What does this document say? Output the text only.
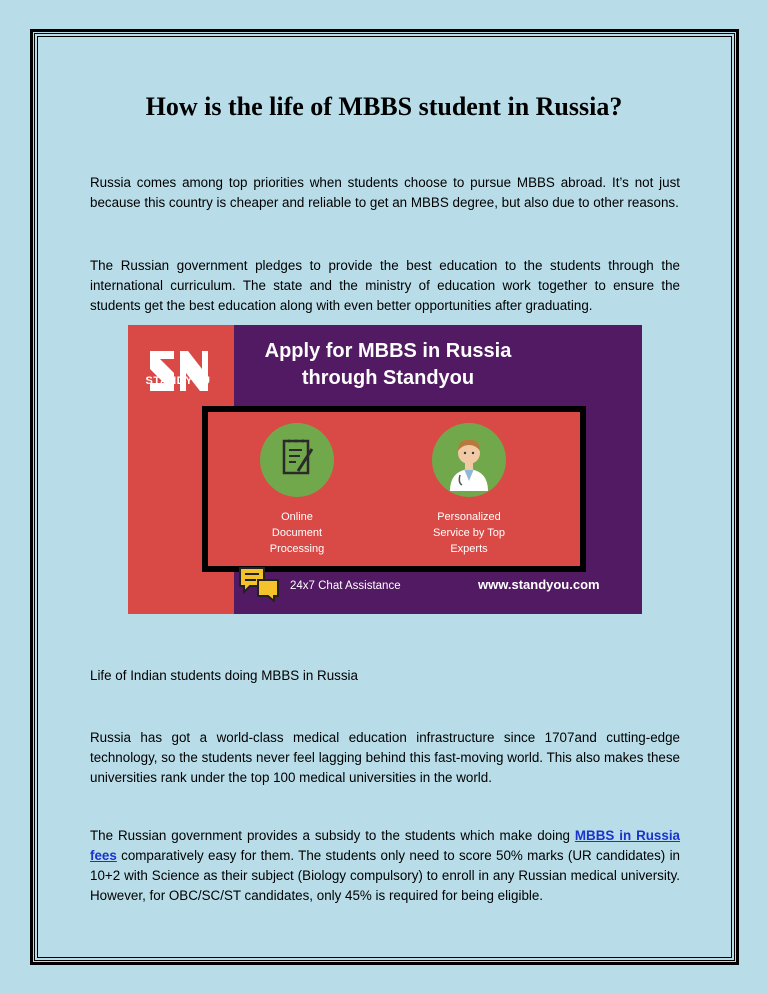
How is the life of MBBS student in Russia?

Russia comes among top priorities when students choose to pursue MBBS abroad. It’s not just because this country is cheaper and reliable to get an MBBS degree, but also due to other reasons.

The Russian government pledges to provide the best education to the students through the international curriculum. The state and the ministry of education work together to ensure the students get the best education along with even better opportunities after graduating.

STANDYOU
Apply for MBBS in Russia
through Standyou
Online
Document
Processing
Personalized
Service by Top
Experts
24x7 Chat Assistance	www.standyou.com

Life of Indian students doing MBBS in Russia

Russia has got a world-class medical education infrastructure since 1707and cutting-edge technology, so the students never feel lagging behind this fast-moving world. This also makes these universities rank under the top 100 medical universities in the world.

The Russian government provides a subsidy to the students which make doing MBBS in Russia fees comparatively easy for them. The students only need to score 50% marks (UR candidates) in 10+2 with Science as their subject (Biology compulsory) to enroll in any Russian medical university. However, for OBC/SC/ST candidates, only 45% is required for being eligible.
